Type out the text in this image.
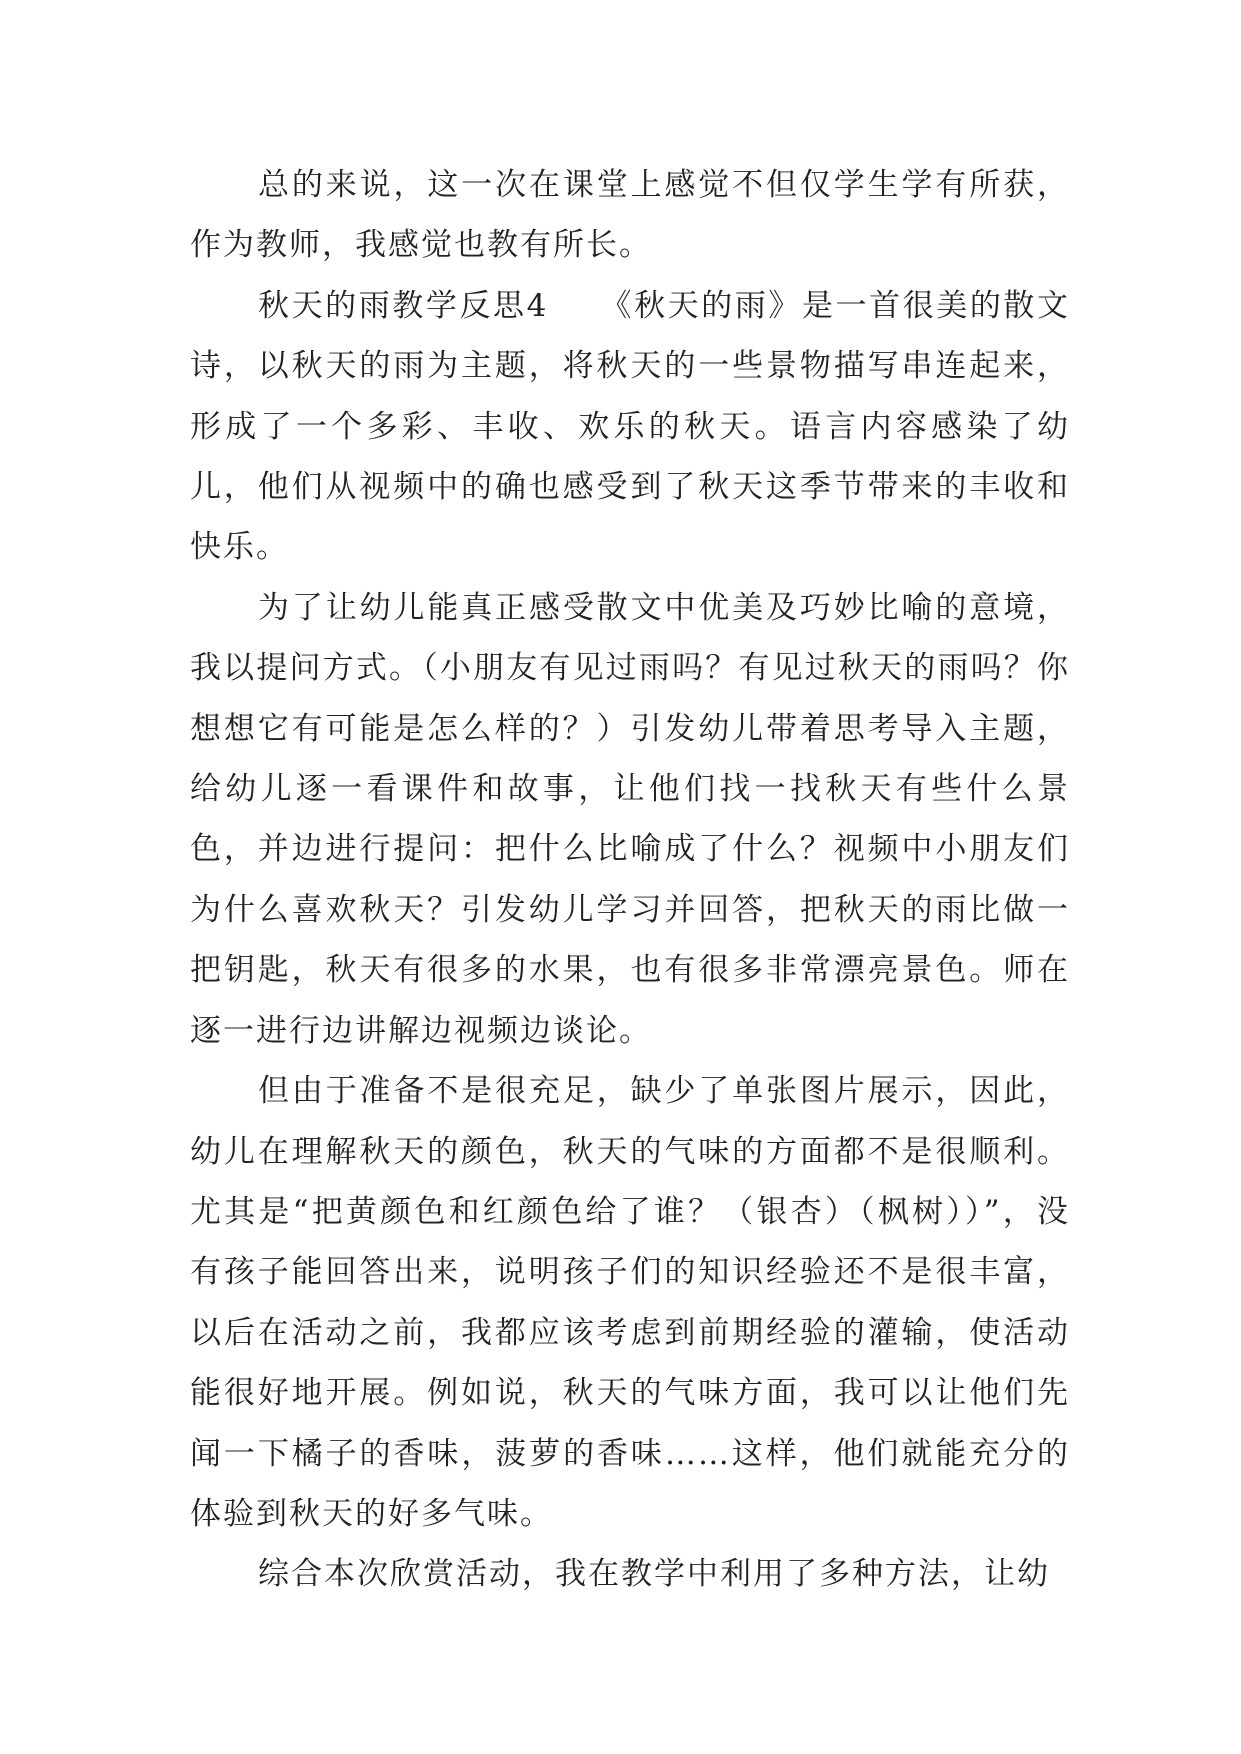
总的来说，这一次在课堂上感觉不但仅学生学有所获，作为教师，我感觉也教有所长。

秋天的雨教学反思4　　《秋天的雨》是一首很美的散文诗，以秋天的雨为主题，将秋天的一些景物描写串连起来，形成了一个多彩、丰收、欢乐的秋天。语言内容感染了幼儿，他们从视频中的确也感受到了秋天这季节带来的丰收和快乐。

为了让幼儿能真正感受散文中优美及巧妙比喻的意境，我以提问方式。（小朋友有见过雨吗？有见过秋天的雨吗？你想想它有可能是怎么样的？）引发幼儿带着思考导入主题，给幼儿逐一看课件和故事，让他们找一找秋天有些什么景色，并边进行提问：把什么比喻成了什么？视频中小朋友们为什么喜欢秋天？引发幼儿学习并回答，把秋天的雨比做一把钥匙，秋天有很多的水果，也有很多非常漂亮景色。师在逐一进行边讲解边视频边谈论。

但由于准备不是很充足，缺少了单张图片展示，因此，幼儿在理解秋天的颜色，秋天的气味的方面都不是很顺利。尤其是“把黄颜色和红颜色给了谁？（银杏）（枫树））”，没有孩子能回答出来，说明孩子们的知识经验还不是很丰富，以后在活动之前，我都应该考虑到前期经验的灌输，使活动能很好地开展。例如说，秋天的气味方面，我可以让他们先闻一下橘子的香味，菠萝的香味……这样，他们就能充分的体验到秋天的好多气味。

综合本次欣赏活动，我在教学中利用了多种方法，让幼
